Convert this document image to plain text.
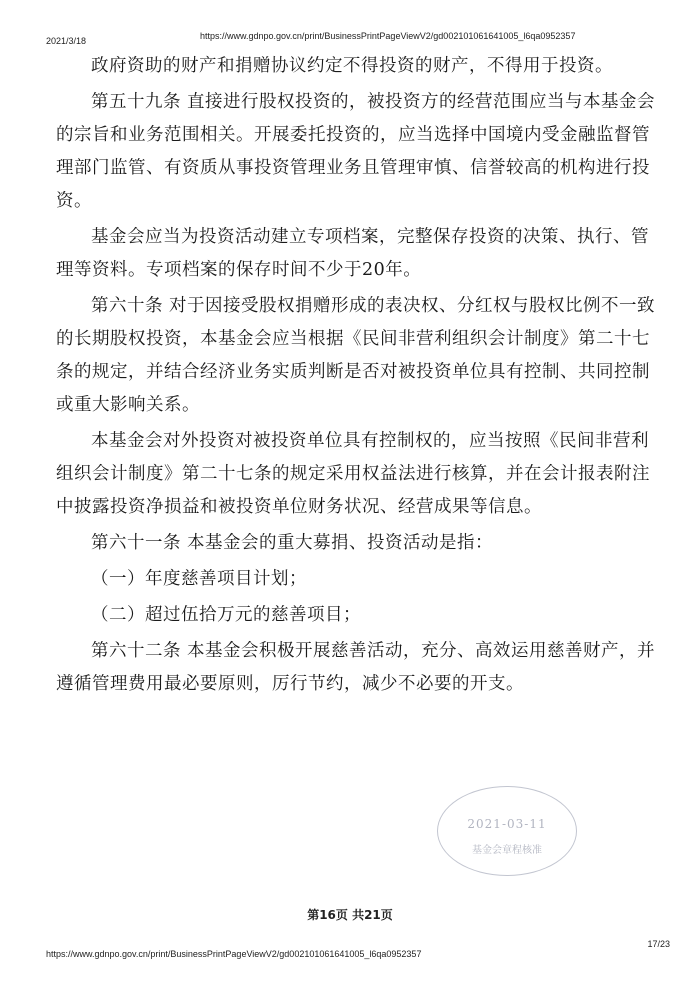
2021/3/18	https://www.gdnpo.gov.cn/print/BusinessPrintPageViewV2/gd002101061641005_l6qa0952357

政府资助的财产和捐赠协议约定不得投资的财产，不得用于投资。

第五十九条 直接进行股权投资的，被投资方的经营范围应当与本基金会的宗旨和业务范围相关。开展委托投资的，应当选择中国境内受金融监督管理部门监管、有资质从事投资管理业务且管理审慎、信誉较高的机构进行投资。

基金会应当为投资活动建立专项档案，完整保存投资的决策、执行、管理等资料。专项档案的保存时间不少于20年。

第六十条 对于因接受股权捐赠形成的表决权、分红权与股权比例不一致的长期股权投资，本基金会应当根据《民间非营利组织会计制度》第二十七条的规定，并结合经济业务实质判断是否对被投资单位具有控制、共同控制或重大影响关系。

本基金会对外投资对被投资单位具有控制权的，应当按照《民间非营利组织会计制度》第二十七条的规定采用权益法进行核算，并在会计报表附注中披露投资净损益和被投资单位财务状况、经营成果等信息。

第六十一条 本基金会的重大募捐、投资活动是指：

（一）年度慈善项目计划；

（二）超过伍拾万元的慈善项目；

第六十二条 本基金会积极开展慈善活动，充分、高效运用慈善财产，并遵循管理费用最必要原则，厉行节约，减少不必要的开支。

2021-03-11
基金会章程核准
第16页 共21页
https://www.gdnpo.gov.cn/print/BusinessPrintPageViewV2/gd002101061641005_l6qa0952357
17/23
